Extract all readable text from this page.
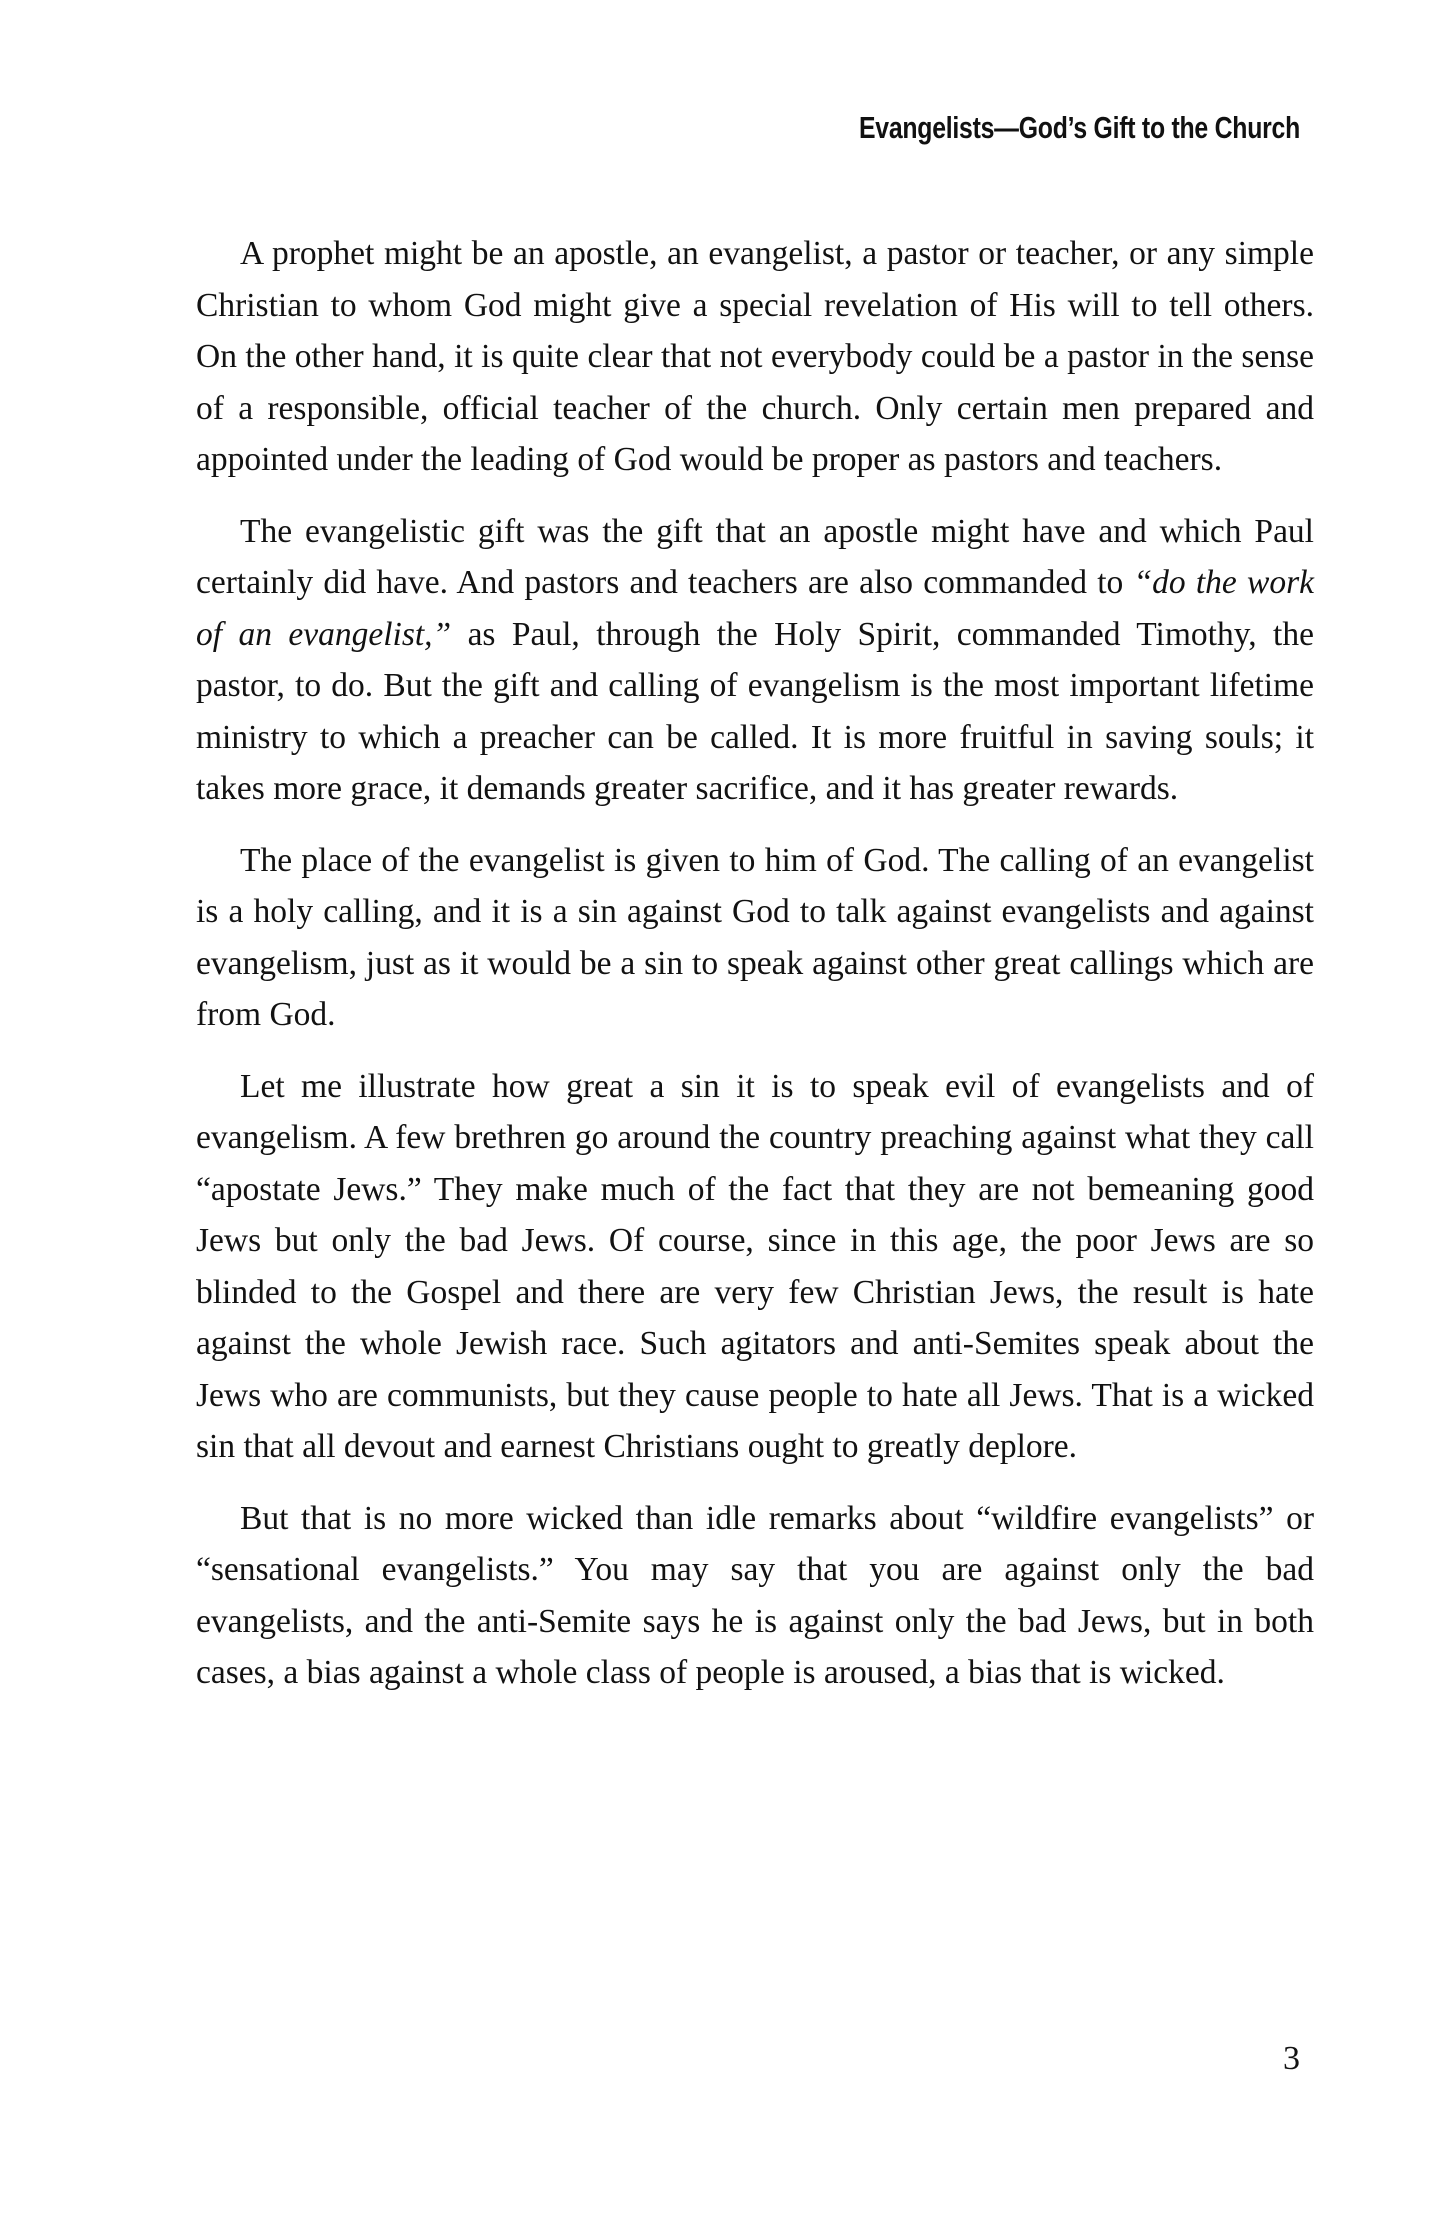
Evangelists—God’s Gift to the Church

A prophet might be an apostle, an evangelist, a pastor or teacher, or any simple Christian to whom God might give a special revelation of His will to tell others. On the other hand, it is quite clear that not everybody could be a pastor in the sense of a responsible, official teacher of the church. Only certain men prepared and appointed under the leading of God would be proper as pastors and teachers.

The evangelistic gift was the gift that an apostle might have and which Paul certainly did have. And pastors and teachers are also commanded to “do the work of an evangelist,” as Paul, through the Holy Spirit, commanded Timothy, the pastor, to do. But the gift and calling of evangelism is the most important lifetime ministry to which a preacher can be called. It is more fruitful in saving souls; it takes more grace, it demands greater sacrifice, and it has greater rewards.

The place of the evangelist is given to him of God. The calling of an evangelist is a holy calling, and it is a sin against God to talk against evangelists and against evangelism, just as it would be a sin to speak against other great callings which are from God.

Let me illustrate how great a sin it is to speak evil of evangelists and of evangelism. A few brethren go around the country preaching against what they call “apostate Jews.” They make much of the fact that they are not bemeaning good Jews but only the bad Jews. Of course, since in this age, the poor Jews are so blinded to the Gospel and there are very few Christian Jews, the result is hate against the whole Jewish race. Such agitators and anti-Semites speak about the Jews who are communists, but they cause people to hate all Jews. That is a wicked sin that all devout and earnest Christians ought to greatly deplore.

But that is no more wicked than idle remarks about “wildfire evangelists” or “sensational evangelists.” You may say that you are against only the bad evangelists, and the anti-Semite says he is against only the bad Jews, but in both cases, a bias against a whole class of people is aroused, a bias that is wicked.

3
